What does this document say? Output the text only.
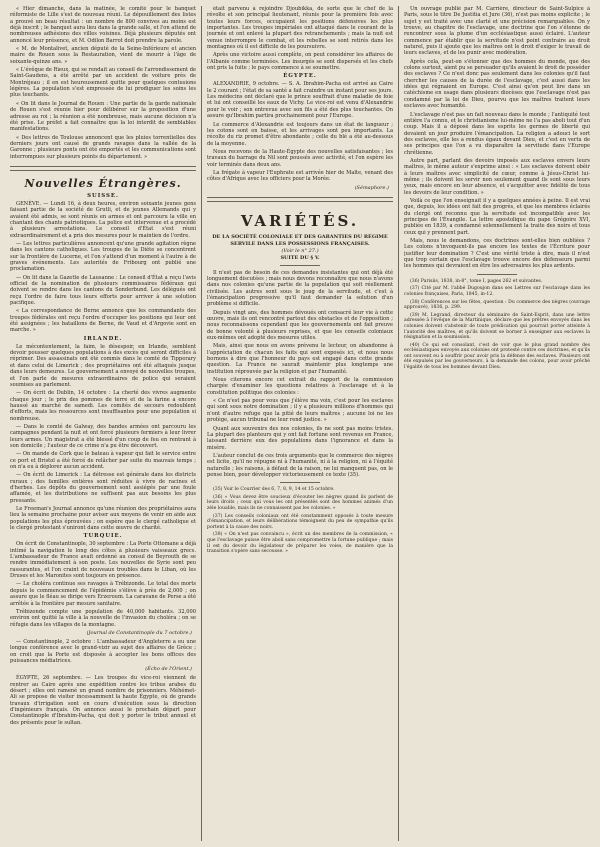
« Hier dimanche, dans la matinée, le comité pour le banquet réformiste de Lille s'est de nouveau réuni. Le dépouillement des listes a prouvé un beau résultat : un nombre de 800 convives au moins est déjà inscrit ; le banquet aura lieu dans la grande salle, et l'on attend de nombreuses adhésions des villes voisines. Déjà plusieurs députés ont annoncé leur présence, et M. Odilon Barrot doit prendre la parole.

« M. de Montalivet, ancien député de la Seine-Inférieure et ancien maire de Rouen sous la Restauration, vient de mourir à l'âge de soixante-quinze ans. »

« L'évêque de Rieux, qui se rendait au conseil de l'arrondissement de Saint-Gaudens, a été arrêté par un accident de voiture près de Montréjeau ; il en est heureusement quitte pour quelques contusions légères. La population s'est empressée de lui prodiguer les soins les plus touchants.

« On lit dans le Journal de Rouen : Une partie de la garde nationale de Rouen s'est réunie hier pour délibérer sur la proposition d'une adresse au roi ; la réunion a été nombreuse, mais aucune décision n'a été prise. Le préfet a fait connaître que la loi interdit de semblables manifestations.

« Des lettres de Toulouse annoncent que les pluies torrentielles des derniers jours ont causé de grands ravages dans la vallée de la Garonne ; plusieurs ponts ont été emportés et les communications sont interrompues sur plusieurs points du département. »

Nouvelles Étrangères.
SUISSE.

GENÈVE. — Lundi 16, à deux heures, environ soixante jeunes gens faisant partie de la société de Grutli, et de jeunes Allemands qui y avaient été admis, se sont réunis en armes et ont parcouru la ville en chantant des chants patriotiques. La police est intervenue et a procédé à plusieurs arrestations. Le conseil d'État s'est réuni extraordinairement et a pris des mesures pour le maintien de l'ordre.

— Les lettres particulières annoncent qu'une grande agitation règne dans les cantons catholiques. Les troupes de la Diète se concentrent sur la frontière de Lucerne, et l'on s'attend d'un moment à l'autre à de graves événements. Les autorités de Fribourg ont publié une proclamation.

— On lit dans la Gazette de Lausanne : Le conseil d'État a reçu l'avis officiel de la nomination de plusieurs commissaires fédéraux qui doivent se rendre dans les cantons du Sonderbund. Les délégués ont reçu l'ordre de faire tous leurs efforts pour arriver à une solution pacifique.

« La correspondance de Berne annonce que les commandants des troupes fédérales ont reçu l'ordre d'occuper les positions qui leur ont été assignées ; les bataillons de Berne, de Vaud et d'Argovie sont en marche. »

IRLANDE.

Le mécontentement, la faim, le désespoir, en Irlande, semblent devoir pousser quelques populations à des excès qui seront difficiles à réprimer. Des assassinats ont été commis dans le comté de Tipperary et dans celui de Limerick ; des propriétaires ont été attaqués jusque dans leurs demeures. Le gouvernement a envoyé de nouvelles troupes, et l'on parle de mesures extraordinaires de police qui seraient soumises au parlement.

— On écrit de Dublin, 14 octobre : La cherté des vivres augmente chaque jour ; le prix des pommes de terre et de la farine a encore haussé au marché de samedi. Les comités de secours redoublent d'efforts, mais les ressources sont insuffisantes pour une population si nombreuse.

— Dans le comté de Galway, des bandes armées ont parcouru les campagnes pendant la nuit et ont forcé plusieurs fermiers à leur livrer leurs armes. Un magistrat a été blessé d'un coup de feu en rentrant à son domicile ; l'auteur de ce crime n'a pu être découvert.

— On mande de Cork que le bateau à vapeur qui fait le service entre ce port et Bristol a été forcé de relâcher par suite du mauvais temps ; on n'a eu à déplorer aucun accident.

— On écrit de Limerick : La détresse est générale dans les districts ruraux ; des familles entières sont réduites à vivre de racines et d'herbes. Les dépôts du gouvernement sont assiégés par une foule affamée, et les distributions ne suffisent pas aux besoins les plus pressants.

Le Freeman's Journal annonce qu'une réunion des propriétaires aura lieu la semaine prochaine pour aviser aux moyens de venir en aide aux populations les plus éprouvées ; on espère que le clergé catholique et le clergé protestant s'uniront dans cette œuvre de charité.

TURQUIE.

On écrit de Constantinople, 30 septembre : La Porte Ottomane a déjà intimé la navigation le long des côtes à plusieurs vaisseaux grecs. L'ambassadeur de France avait ordonné au consul de Beyrouth de se rendre immédiatement à son poste. Les nouvelles de Syrie sont peu rassurantes, et l'on craint de nouveaux troubles dans le Liban, où les Druses et les Maronites sont toujours en présence.

— Le choléra continue ses ravages à Trébizonde. Le total des morts depuis le commencement de l'épidémie s'élève à près de 2,000 ; on assure que le fléau se dirige vers Erzeroum. La caravane de Perse a été arrêtée à la frontière par mesure sanitaire.

Trébizonde compte une population de 40,000 habitants. 32,000 environ ont quitté la ville à la nouvelle de l'invasion du choléra ; on se réfugie dans les villages de la montagne.

(Journal de Constantinople du 7 octobre.)

— Constantinople, 2 octobre : L'ambassadeur d'Angleterre a eu une longue conférence avec le grand-vizir au sujet des affaires de Grèce ; on croit que la Porte est disposée à accepter les bons offices des puissances médiatrices.

(Écho de l'Orient.)

ÉGYPTE, 26 septembre. — Les troupes du vice-roi viennent de rentrer au Caire après une expédition contre les tribus arabes du désert ; elles ont ramené un grand nombre de prisonniers. Méhémet-Ali se propose de visiter incessamment la haute Égypte, où de grands travaux d'irrigation sont en cours d'exécution sous la direction d'ingénieurs français. On annonce aussi le prochain départ pour Constantinople d'Ibrahim-Pacha, qui doit y porter le tribut annuel et des présents pour le sultan.

était parvenu à rejoindre Djoubikka, de sorte que le chef de la révolte et son principal lieutenant, réunis pour la première fois avec toutes leurs forces, occupaient les positions défensives les plus importantes. Les troupes impériales ont attaqué dans le courant de la journée et ont enlevé la plupart des retranchements ; mais la nuit est venue interrompre le combat, et les rebelles se sont retirés dans les montagnes où il est difficile de les poursuivre.

Après une victoire aussi complète, on peut considérer les affaires de l'Albanie comme terminées. Les insurgés se sont dispersés et les chefs ont pris la fuite ; le pays commence à se soumettre.

ÉGYPTE.

ALEXANDRIE, 9 octobre. — S. A. Ibrahim-Pacha est arrivé au Caire le 2 courant ; l'état de sa santé a fait craindre un instant pour ses jours. Les médecins ont déclaré que le prince souffrait d'une maladie de foie et lui ont conseillé les eaux de Vichy. Le vice-roi est venu d'Alexandrie pour le voir ; son entrevue avec son fils a été des plus touchantes. On assure qu'Ibrahim partira prochainement pour l'Europe.

Le commerce d'Alexandrie est toujours dans un état de langueur ; les cotons sont en baisse, et les arrivages sont peu importants. La récolte du riz promet d'être abondante ; celle du blé a été au-dessous de la moyenne.

Nous recevons de la Haute-Égypte des nouvelles satisfaisantes ; les travaux du barrage du Nil sont poussés avec activité, et l'on espère les voir terminés dans deux ans.

La frégate à vapeur l'Euphrate est arrivée hier de Malte, venant des côtes d'Afrique avec les officiers pour la Morée.

(Sémaphore.)
VARIÉTÉS.
DE LA SOCIÉTÉ COLONIALE ET DES GARANTIES DU RÉGIME
SERVILE DANS LES POSSESSIONS FRANÇAISES.
(Voir le n° 27.)
SUITE DU § V.

Il n'est pas de besoin de ces demandes insistantes qui ont déjà été longuement discutées ; mais nous devons reconnaître que nous n'avons dans nos colonies qu'une partie de la population qui soit réellement civilisée. Les autres sont sous le joug de la servitude, et c'est à l'émancipation progressive qu'il faut demander la solution d'un problème si difficile.

Depuis vingt ans, des hommes dévoués ont consacré leur vie à cette œuvre, mais ils ont rencontré partout des obstacles et de l'opposition ; nous reconnaissons cependant que les gouvernements ont fait preuve de bonne volonté à plusieurs reprises, et que les conseils coloniaux eux-mêmes ont adopté des mesures utiles.

Mais, ainsi que nous en avons prévenu le lecteur, on abandonne à l'appréciation de chacun les faits qui sont exposés ici, et nous nous bornons à dire que l'honneur du pays est engagé dans cette grande question. La France ne saurait maintenir plus longtemps une institution réprouvée par la religion et par l'humanité.

Nous citerons encore cet extrait du rapport de la commission chargée d'examiner les questions relatives à l'esclavage et à la constitution politique des colonies :

« Ce n'est pas pour vous que j'élève ma voix, c'est pour les esclaves qui sont sous notre domination ; il y a plusieurs millions d'hommes qui n'ont d'autre refuge que la pitié de leurs maîtres ; aucune loi ne les protège, aucun tribunal ne leur rend justice. »

Quant aux souvenirs des nos colonies, ils ne sont pas moins tristes. La plupart des planteurs qui y ont fait fortune sont revenus en France, laissant derrière eux des populations dans l'ignorance et dans la misère.

L'auteur conclut de ces trois arguments que le commerce des nègres est licite, qu'il ne répugne ni à l'humanité, ni à la religion, ni à l'équité naturelle ; les raisons, à défaut de la raison, ne lui manquent pas, on le pense bien, pour développer victorieusement ce texte (35).

(35) Voir le Courrier des 6, 7, 8, 9, 14 et 15 octobre.

(36) « Vous devez être soucieux d'écouter les nègres quand ils parlent de leurs droits ; ceux qui vous les ont présentés sont des hommes animés d'un zèle louable, mais ils ne connaissent pas les colonies. »

(37) Les conseils coloniaux ont été constamment opposés à toute mesure d'émancipation, et leurs délibérations témoignent du peu de sympathie qu'ils portent à la cause des noirs.

(38) « On n'est pas convaincu », écrit un des membres de la commission, « que l'esclavage puisse être aboli sans compromettre la fortune publique ; mais il est du devoir du législateur de préparer les voies, de manière que la transition s'opère sans secousse. »

Un ouvrage publié par M. Carrière, directeur de Saint-Sulpice à Paris, sous le titre De Justitia et Jure (36), n'est pas moins explicite ; le sujet y est traité avec une clarté et une précision remarquables. On y trouve, au chapitre de l'esclavage, une doctrine que l'on s'étonne de rencontrer sous la plume d'un ecclésiastique aussi éclairé. L'auteur commence par établir que la servitude n'est point contraire au droit naturel, puis il ajoute que les maîtres ont le droit d'exiger le travail de leurs esclaves, et de les punir avec modération.

Après cela, peut-on s'étonner que des hommes du monde, que des colons surtout, aient pu se persuader qu'ils avaient le droit de posséder des esclaves ? Ce n'est donc pas seulement dans les colonies qu'il faut chercher les causes de la durée de l'esclavage, c'est aussi dans les idées qui régnaient en Europe. C'est ainsi qu'on peut lire dans un catéchisme en usage dans plusieurs diocèses que l'esclavage n'est pas condamné par la loi de Dieu, pourvu que les maîtres traitent leurs esclaves avec humanité.

L'esclavage n'est pas un fait nouveau dans le monde ; l'antiquité tout entière l'a connu, et le christianisme lui-même ne l'a pas aboli tout d'un coup. Mais il a déposé dans les esprits les germes de liberté qui devaient un jour produire l'émancipation. La religion a adouci le sort des esclaves, elle les a rendus égaux devant Dieu, et c'est en vertu de ses principes que l'on a vu disparaître la servitude dans l'Europe chrétienne.

Autre part, parlant des devoirs imposés aux esclaves envers leurs maîtres, le même auteur s'exprime ainsi : « Les esclaves doivent obéir à leurs maîtres avec simplicité de cœur, comme à Jésus-Christ lui-même ; ils doivent les servir non seulement quand ils sont sous leurs yeux, mais encore en leur absence, et s'acquitter avec fidélité de tous les devoirs de leur condition. »

Voilà ce que l'on enseignait il y a quelques années à peine. Il est vrai que, depuis, les idées ont fait des progrès, et que les membres éclairés du clergé ont reconnu que la servitude est incompatible avec les principes de l'Évangile. La lettre apostolique du pape Grégoire XVI, publiée en 1839, a condamné solennellement la traite des noirs et tous ceux qui y prennent part.

Mais, nous le demandons, ces doctrines sont-elles bien oubliées ? Les colons n'invoquent-ils pas encore les textes de l'Écriture pour justifier leur domination ? C'est une vérité triste à dire, mais il n'est que trop certain que l'esclavage trouve encore des défenseurs parmi les hommes qui devraient en être les adversaires les plus ardents.

(36) Parisiis, 1838, in-8°, tome I, pages 262 et suivantes.

(37) Cité par M. l'abbé Dugoujon dans ses Lettres sur l'esclavage dans les colonies françaises, Paris, 1845, in-12.

(38) Conférences sur les fêtes, question : Du commerce des nègres (ouvrage approuvé), 1836, p. 299.

(39) M. Legrand, directeur du séminaire de Saint-Esprit, dans une lettre adressée à l'évêque de la Martinique, déclare que les prêtres envoyés dans les colonies doivent s'abstenir de toute prédication qui pourrait porter atteinte à l'autorité des maîtres, et qu'ils doivent se borner à enseigner aux esclaves la résignation et la soumission.

(40) Ce qui est consolant, c'est de voir que le plus grand nombre des ecclésiastiques envoyés aux colonies ont protesté contre ces doctrines, et qu'ils ont souvent eu à souffrir pour avoir pris la défense des esclaves. Plusieurs ont été expulsés par les gouverneurs, à la demande des colons, pour avoir prêché l'égalité de tous les hommes devant Dieu.
